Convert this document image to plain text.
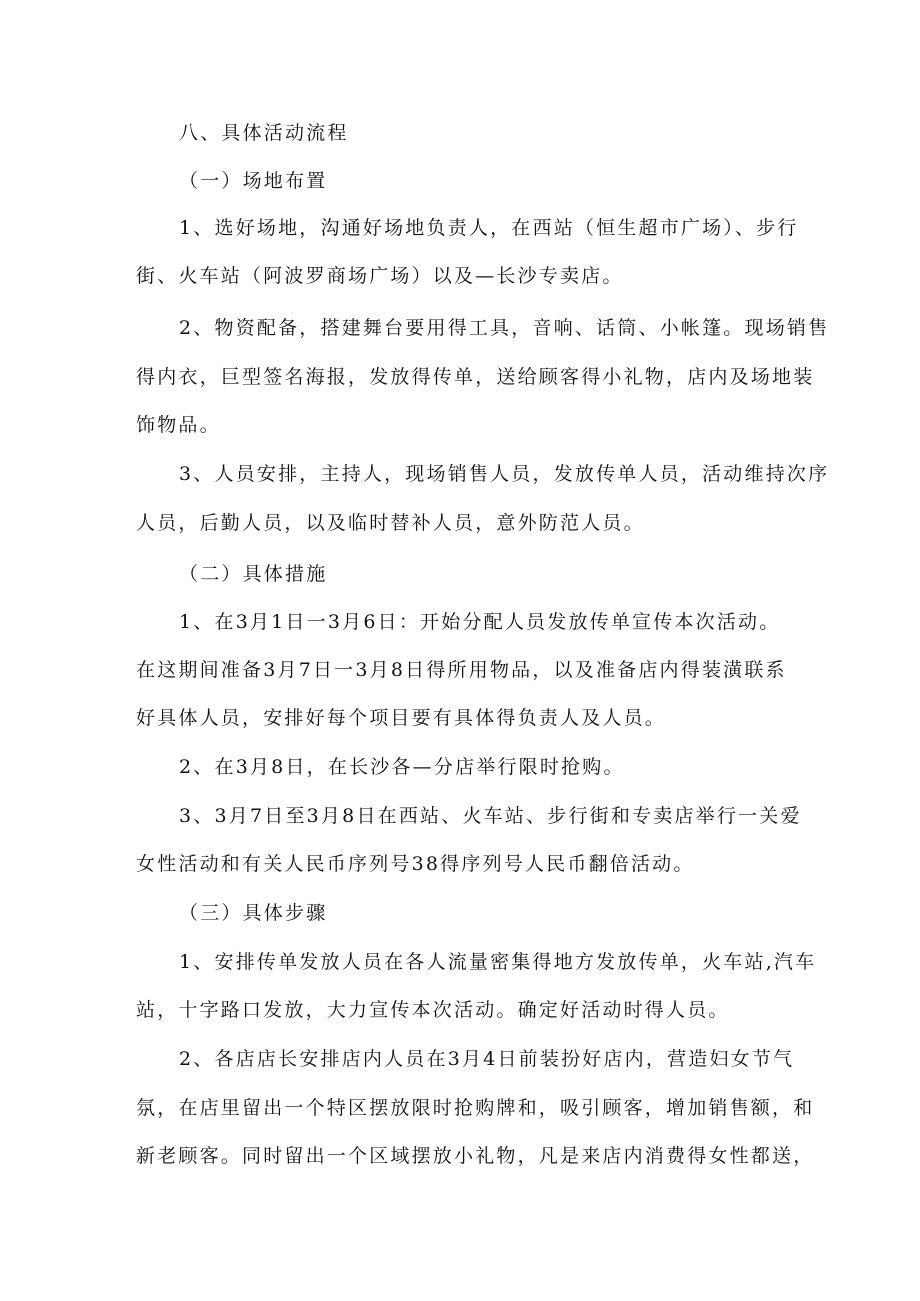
八、具体活动流程
（一）场地布置
1、选好场地，沟通好场地负责人，在西站（恒生超市广场）、步行
街、火车站（阿波罗商场广场）以及—长沙专卖店。
2、物资配备，搭建舞台要用得工具，音响、话筒、小帐篷。现场销售
得内衣，巨型签名海报，发放得传单，送给顾客得小礼物，店内及场地装
饰物品。
3、人员安排，主持人，现场销售人员，发放传单人员，活动维持次序
人员，后勤人员，以及临时替补人员，意外防范人员。
（二）具体措施
1、在3月1日一3月6日：开始分配人员发放传单宣传本次活动。
在这期间准备3月7日一3月8日得所用物品，以及准备店内得装潢联系
好具体人员，安排好每个项目要有具体得负责人及人员。
2、在3月8日，在长沙各—分店举行限时抢购。
3、3月7日至3月8日在西站、火车站、步行街和专卖店举行一关爱
女性活动和有关人民币序列号38得序列号人民币翻倍活动。
（三）具体步骤
1、安排传单发放人员在各人流量密集得地方发放传单，火车站,汽车
站，十字路口发放，大力宣传本次活动。确定好活动时得人员。
2、各店店长安排店内人员在3月4日前装扮好店内，营造妇女节气
氛，在店里留出一个特区摆放限时抢购牌和，吸引顾客，增加销售额，和
新老顾客。同时留出一个区域摆放小礼物，凡是来店内消费得女性都送，
